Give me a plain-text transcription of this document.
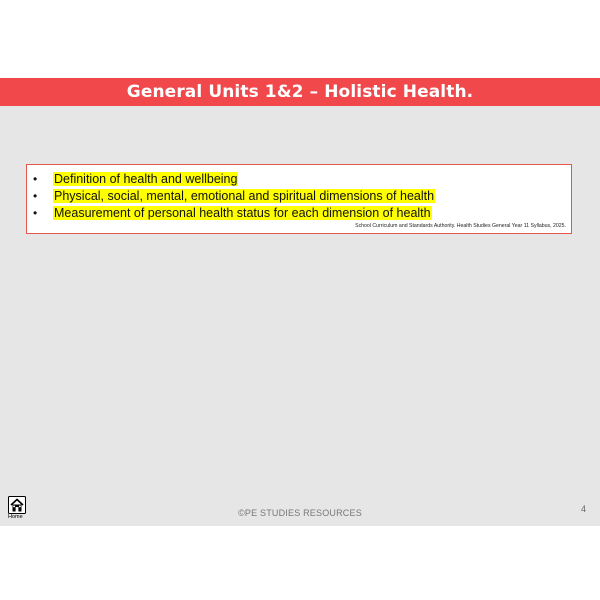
General Units 1&2 – Holistic Health.
•	Definition of health and wellbeing
•	Physical, social, mental, emotional and spiritual dimensions of health
•	Measurement of personal health status for each dimension of health
School Curriculum and Standards Authority. Health Studies General Year 11 Syllabus, 2025.
Home	©PE STUDIES RESOURCES	4
